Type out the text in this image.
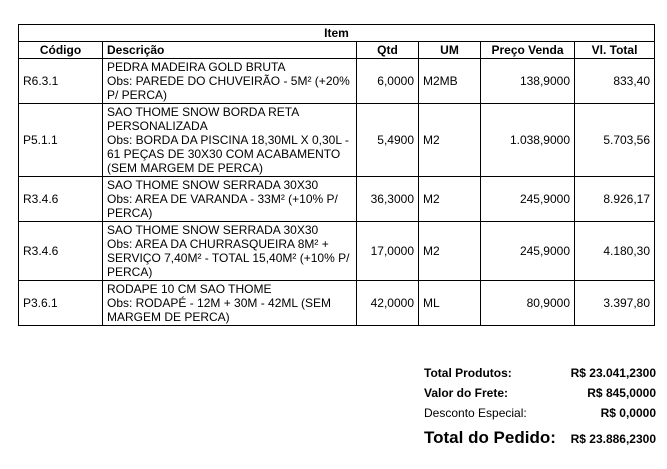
Item					
Código	Descrição	Qtd	UM	Preço Venda	Vl. Total
R6.3.1	PEDRA MADEIRA GOLD BRUTA
Obs: PAREDE DO CHUVEIRÃO - 5M² (+20%
P/ PERCA)	6,0000	M2MB	138,9000	833,40
P5.1.1	SAO THOME SNOW BORDA RETA
PERSONALIZADA
Obs: BORDA DA PISCINA 18,30ML X 0,30L -
61 PEÇAS DE 30X30 COM ACABAMENTO
(SEM MARGEM DE PERCA)	5,4900	M2	1.038,9000	5.703,56
R3.4.6	SAO THOME SNOW SERRADA 30X30
Obs: AREA DE VARANDA - 33M² (+10% P/
PERCA)	36,3000	M2	245,9000	8.926,17
R3.4.6	SAO THOME SNOW SERRADA 30X30
Obs: AREA DA CHURRASQUEIRA 8M² +
SERVIÇO 7,40M² - TOTAL 15,40M² (+10% P/
PERCA)	17,0000	M2	245,9000	4.180,30
P3.6.1	RODAPE 10 CM SAO THOME
Obs: RODAPÉ - 12M + 30M - 42ML (SEM
MARGEM DE PERCA)	42,0000	ML	80,9000	3.397,80
Total Produtos:	R$ 23.041,2300
Valor do Frete:	R$ 845,0000
Desconto Especial:	R$ 0,0000
Total do Pedido: R$ 23.886,2300
